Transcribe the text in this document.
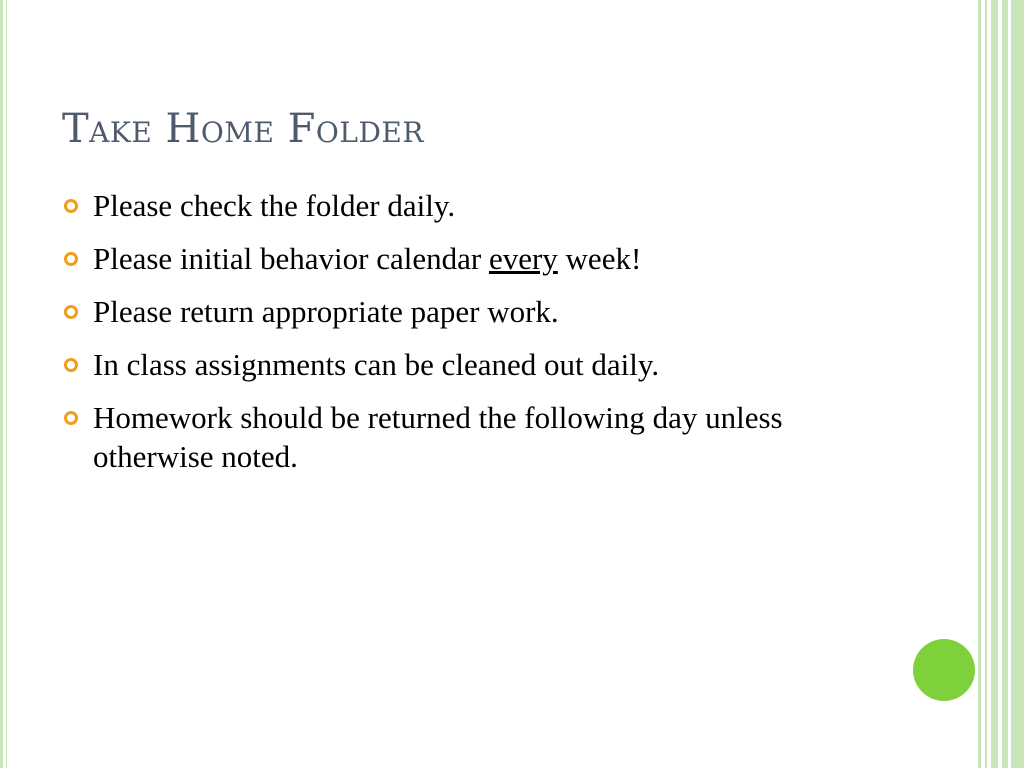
Take Home Folder
Please check the folder daily.
Please initial behavior calendar every week!
Please return appropriate paper work.
In class assignments can be cleaned out daily.
Homework should be returned the following day unless otherwise noted.
